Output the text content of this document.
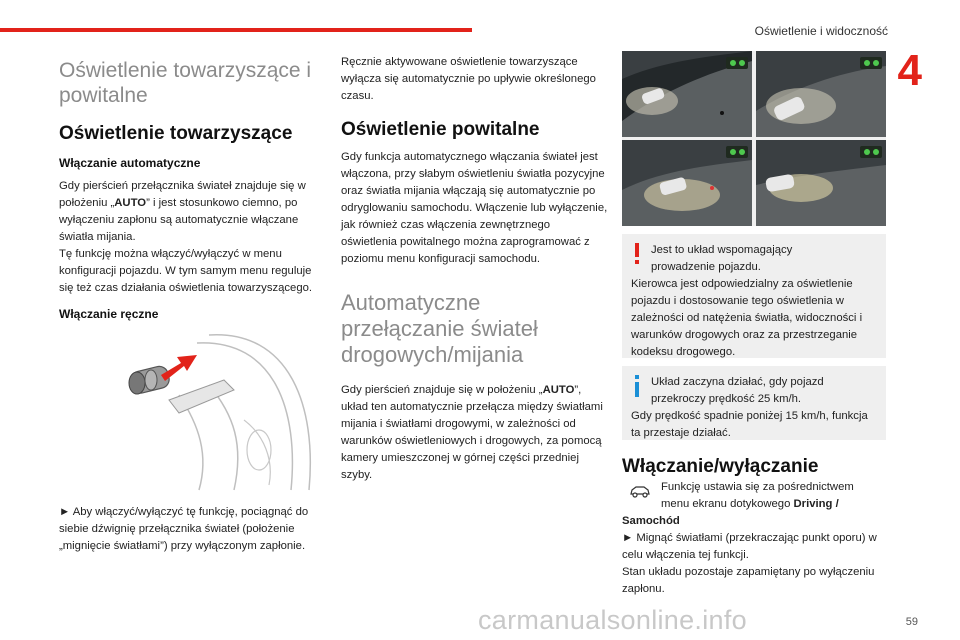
Oświetlenie i widoczność
4
Oświetlenie towarzyszące i powitalne
Oświetlenie towarzyszące
Włączanie automatyczne
Gdy pierścień przełącznika świateł znajduje się w położeniu „AUTO” i jest stosunkowo ciemno, po wyłączeniu zapłonu są automatycznie włączane światła mijania.
Tę funkcję można włączyć/wyłączyć w menu konfiguracji pojazdu. W tym samym menu reguluje się też czas działania oświetlenia towarzyszącego.
Włączanie ręczne
► Aby włączyć/wyłączyć tę funkcję, pociągnąć do siebie dźwignię przełącznika świateł (położenie „mignięcie światłami”) przy wyłączonym zapłonie.
Ręcznie aktywowane oświetlenie towarzyszące wyłącza się automatycznie po upływie określonego czasu.
Oświetlenie powitalne
Gdy funkcja automatycznego włączania świateł jest włączona, przy słabym oświetleniu światła pozycyjne oraz światła mijania włączają się automatycznie po odryglowaniu samochodu. Włączenie lub wyłączenie, jak również czas włączenia zewnętrznego oświetlenia powitalnego można zaprogramować z poziomu menu konfiguracji samochodu.
Automatyczne przełączanie świateł drogowych/mijania
Gdy pierścień znajduje się w położeniu „AUTO”, układ ten automatycznie przełącza między światłami mijania i światłami drogowymi, w zależności od warunków oświetleniowych i drogowych, za pomocą kamery umieszczonej w górnej części przedniej szyby.
Jest to układ wspomagający
prowadzenie pojazdu.
Kierowca jest odpowiedzialny za oświetlenie pojazdu i dostosowanie tego oświetlenia w zależności od natężenia światła, widoczności i warunków drogowych oraz za przestrzeganie kodeksu drogowego.
Układ zaczyna działać, gdy pojazd
przekroczy prędkość 25 km/h.
Gdy prędkość spadnie poniżej 15 km/h, funkcja ta przestaje działać.
Włączanie/wyłączanie
Funkcję ustawia się za pośrednictwem
menu ekranu dotykowego Driving /
Samochód
► Mignąć światłami (przekraczając punkt oporu) w celu włączenia tej funkcji.
Stan układu pozostaje zapamiętany po wyłączeniu zapłonu.
carmanualsonline.info	59
